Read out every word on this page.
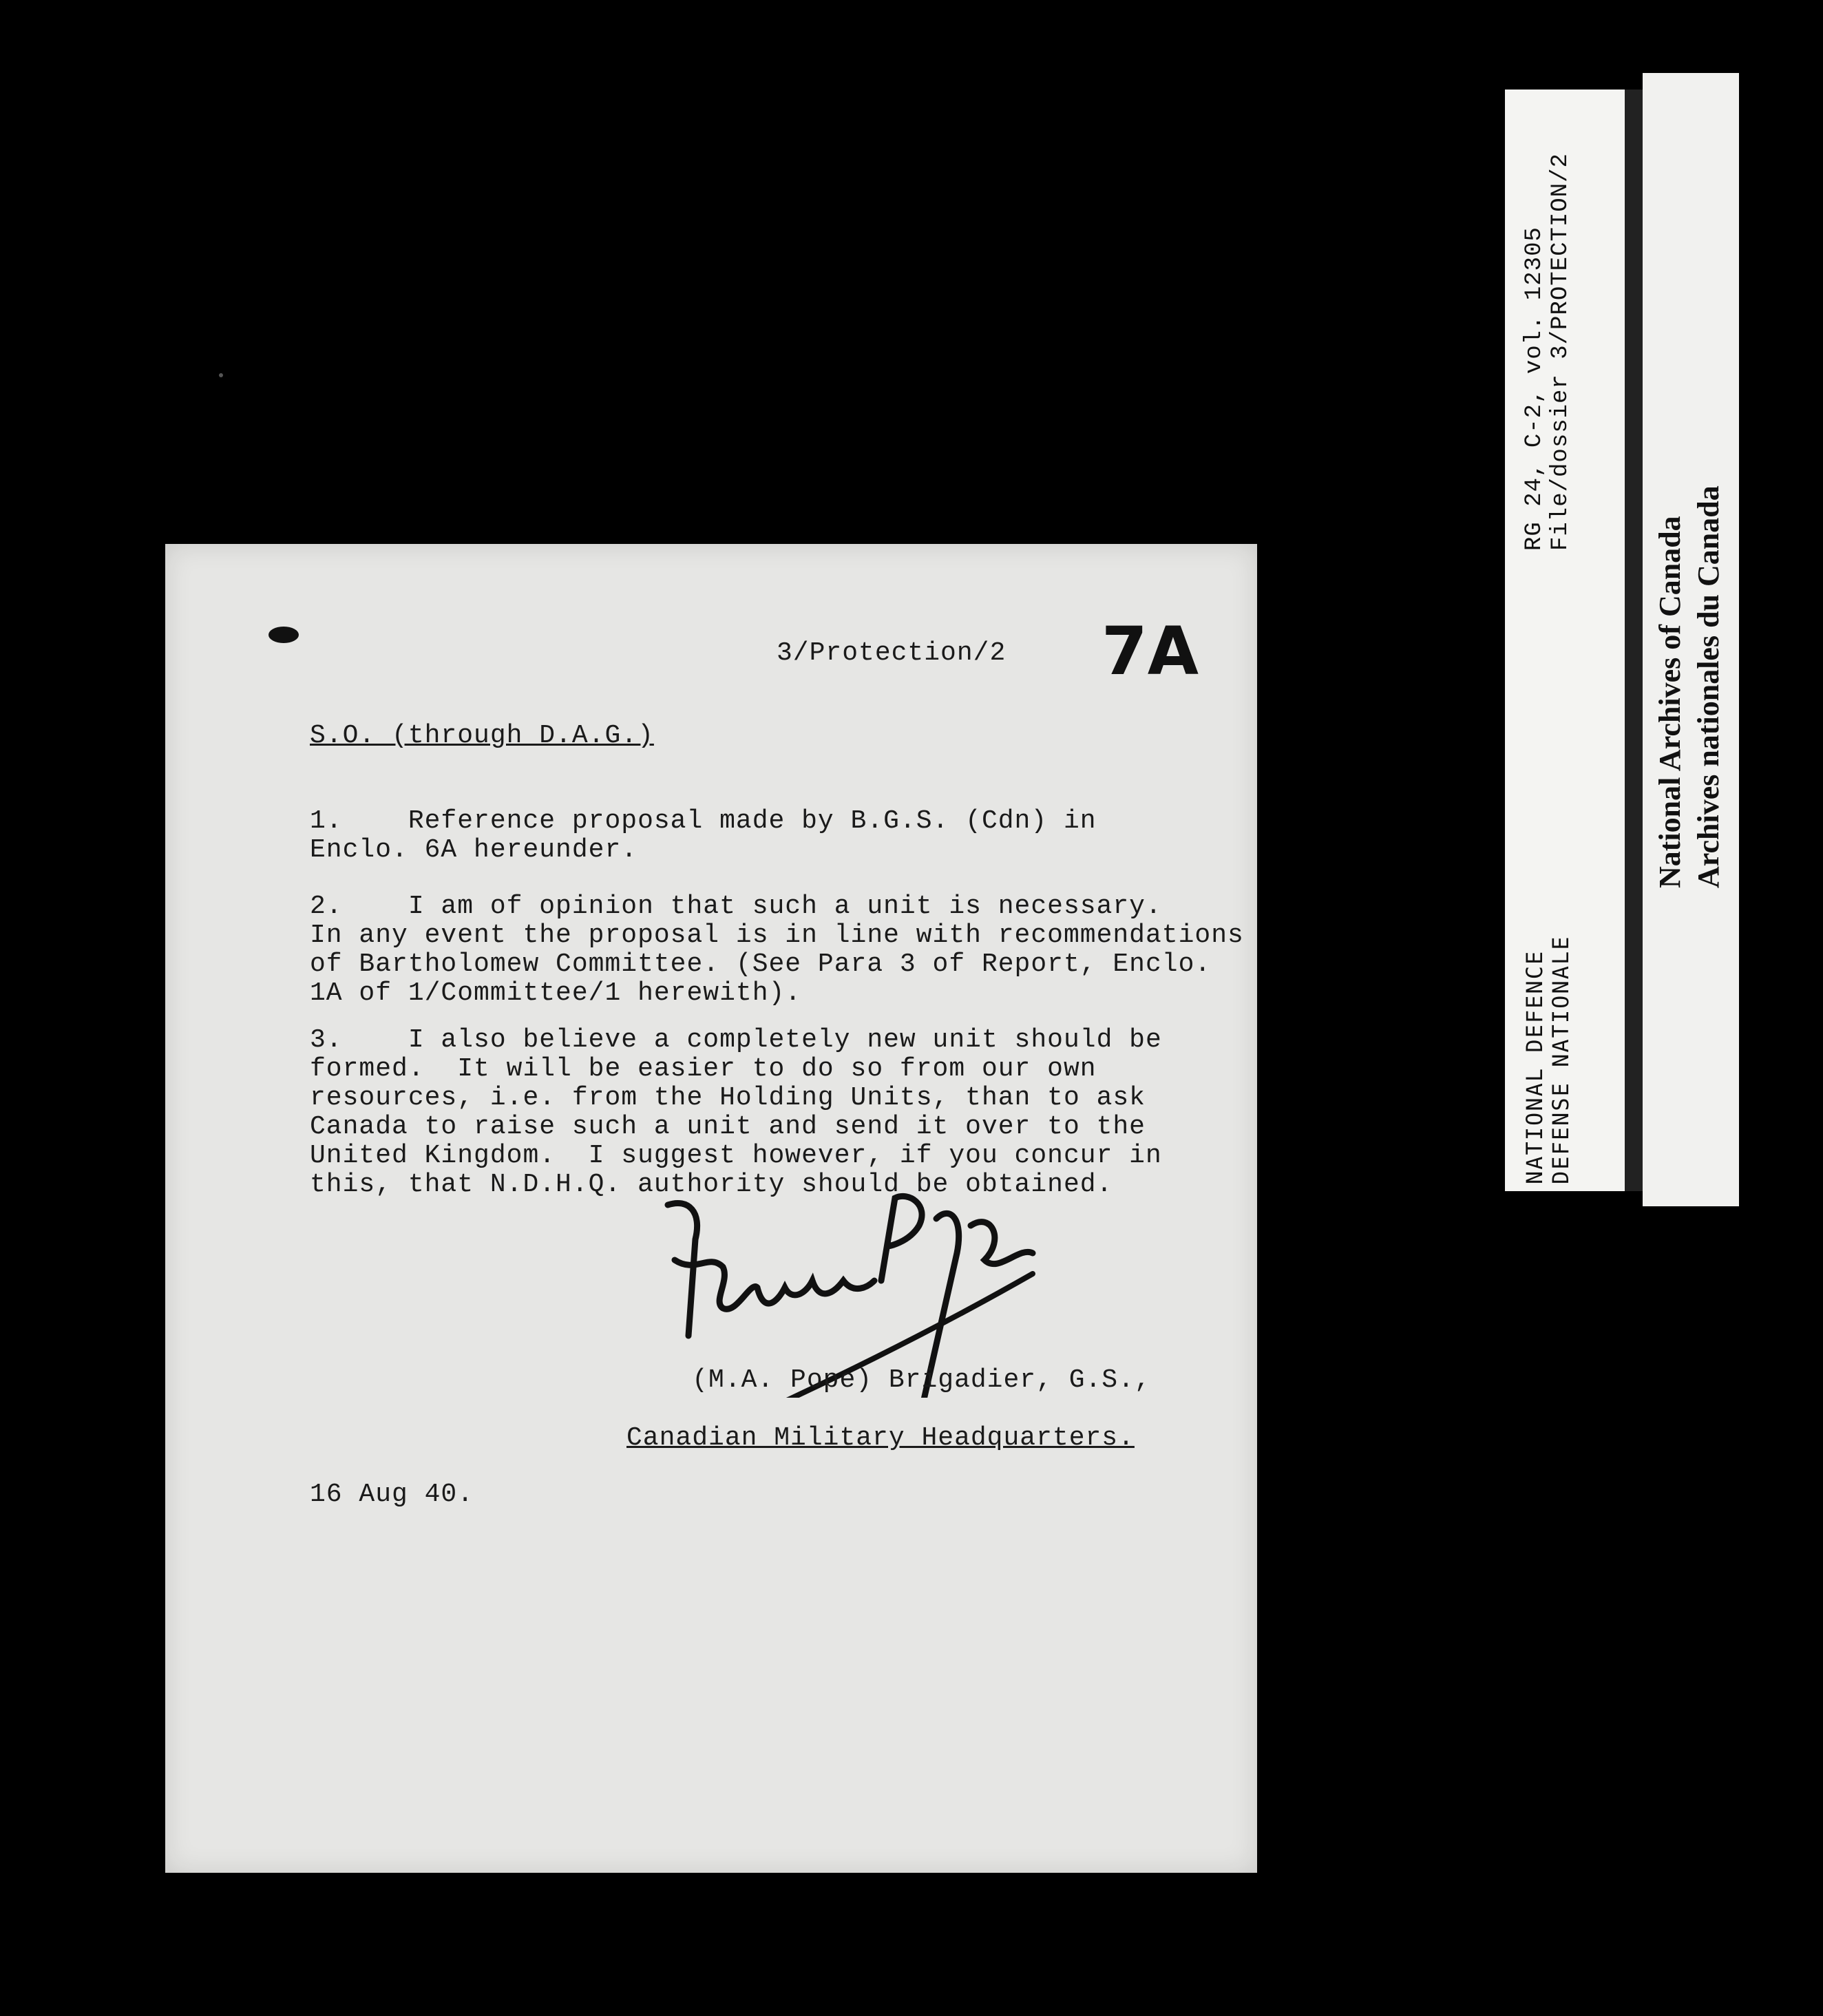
3/Protection/2 7A
S.O. (through D.A.G.)
1.    Reference proposal made by B.G.S. (Cdn) in
Enclo. 6A hereunder.
2.    I am of opinion that such a unit is necessary.
In any event the proposal is in line with recommendations
of Bartholomew Committee. (See Para 3 of Report, Enclo.
1A of 1/Committee/1 herewith).
3.    I also believe a completely new unit should be
formed.  It will be easier to do so from our own
resources, i.e. from the Holding Units, than to ask
Canada to raise such a unit and send it over to the
United Kingdom.  I suggest however, if you concur in
this, that N.D.H.Q. authority should be obtained.

(M.A. Pope) Brigadier, G.S.,

Canadian Military Headquarters.

16 Aug 40.
RG 24, C-2, vol. 12305 File/dossier 3/PROTECTION/2
NATIONAL DEFENCE DEFENSE NATIONALE
National Archives of Canada Archives nationales du Canada
